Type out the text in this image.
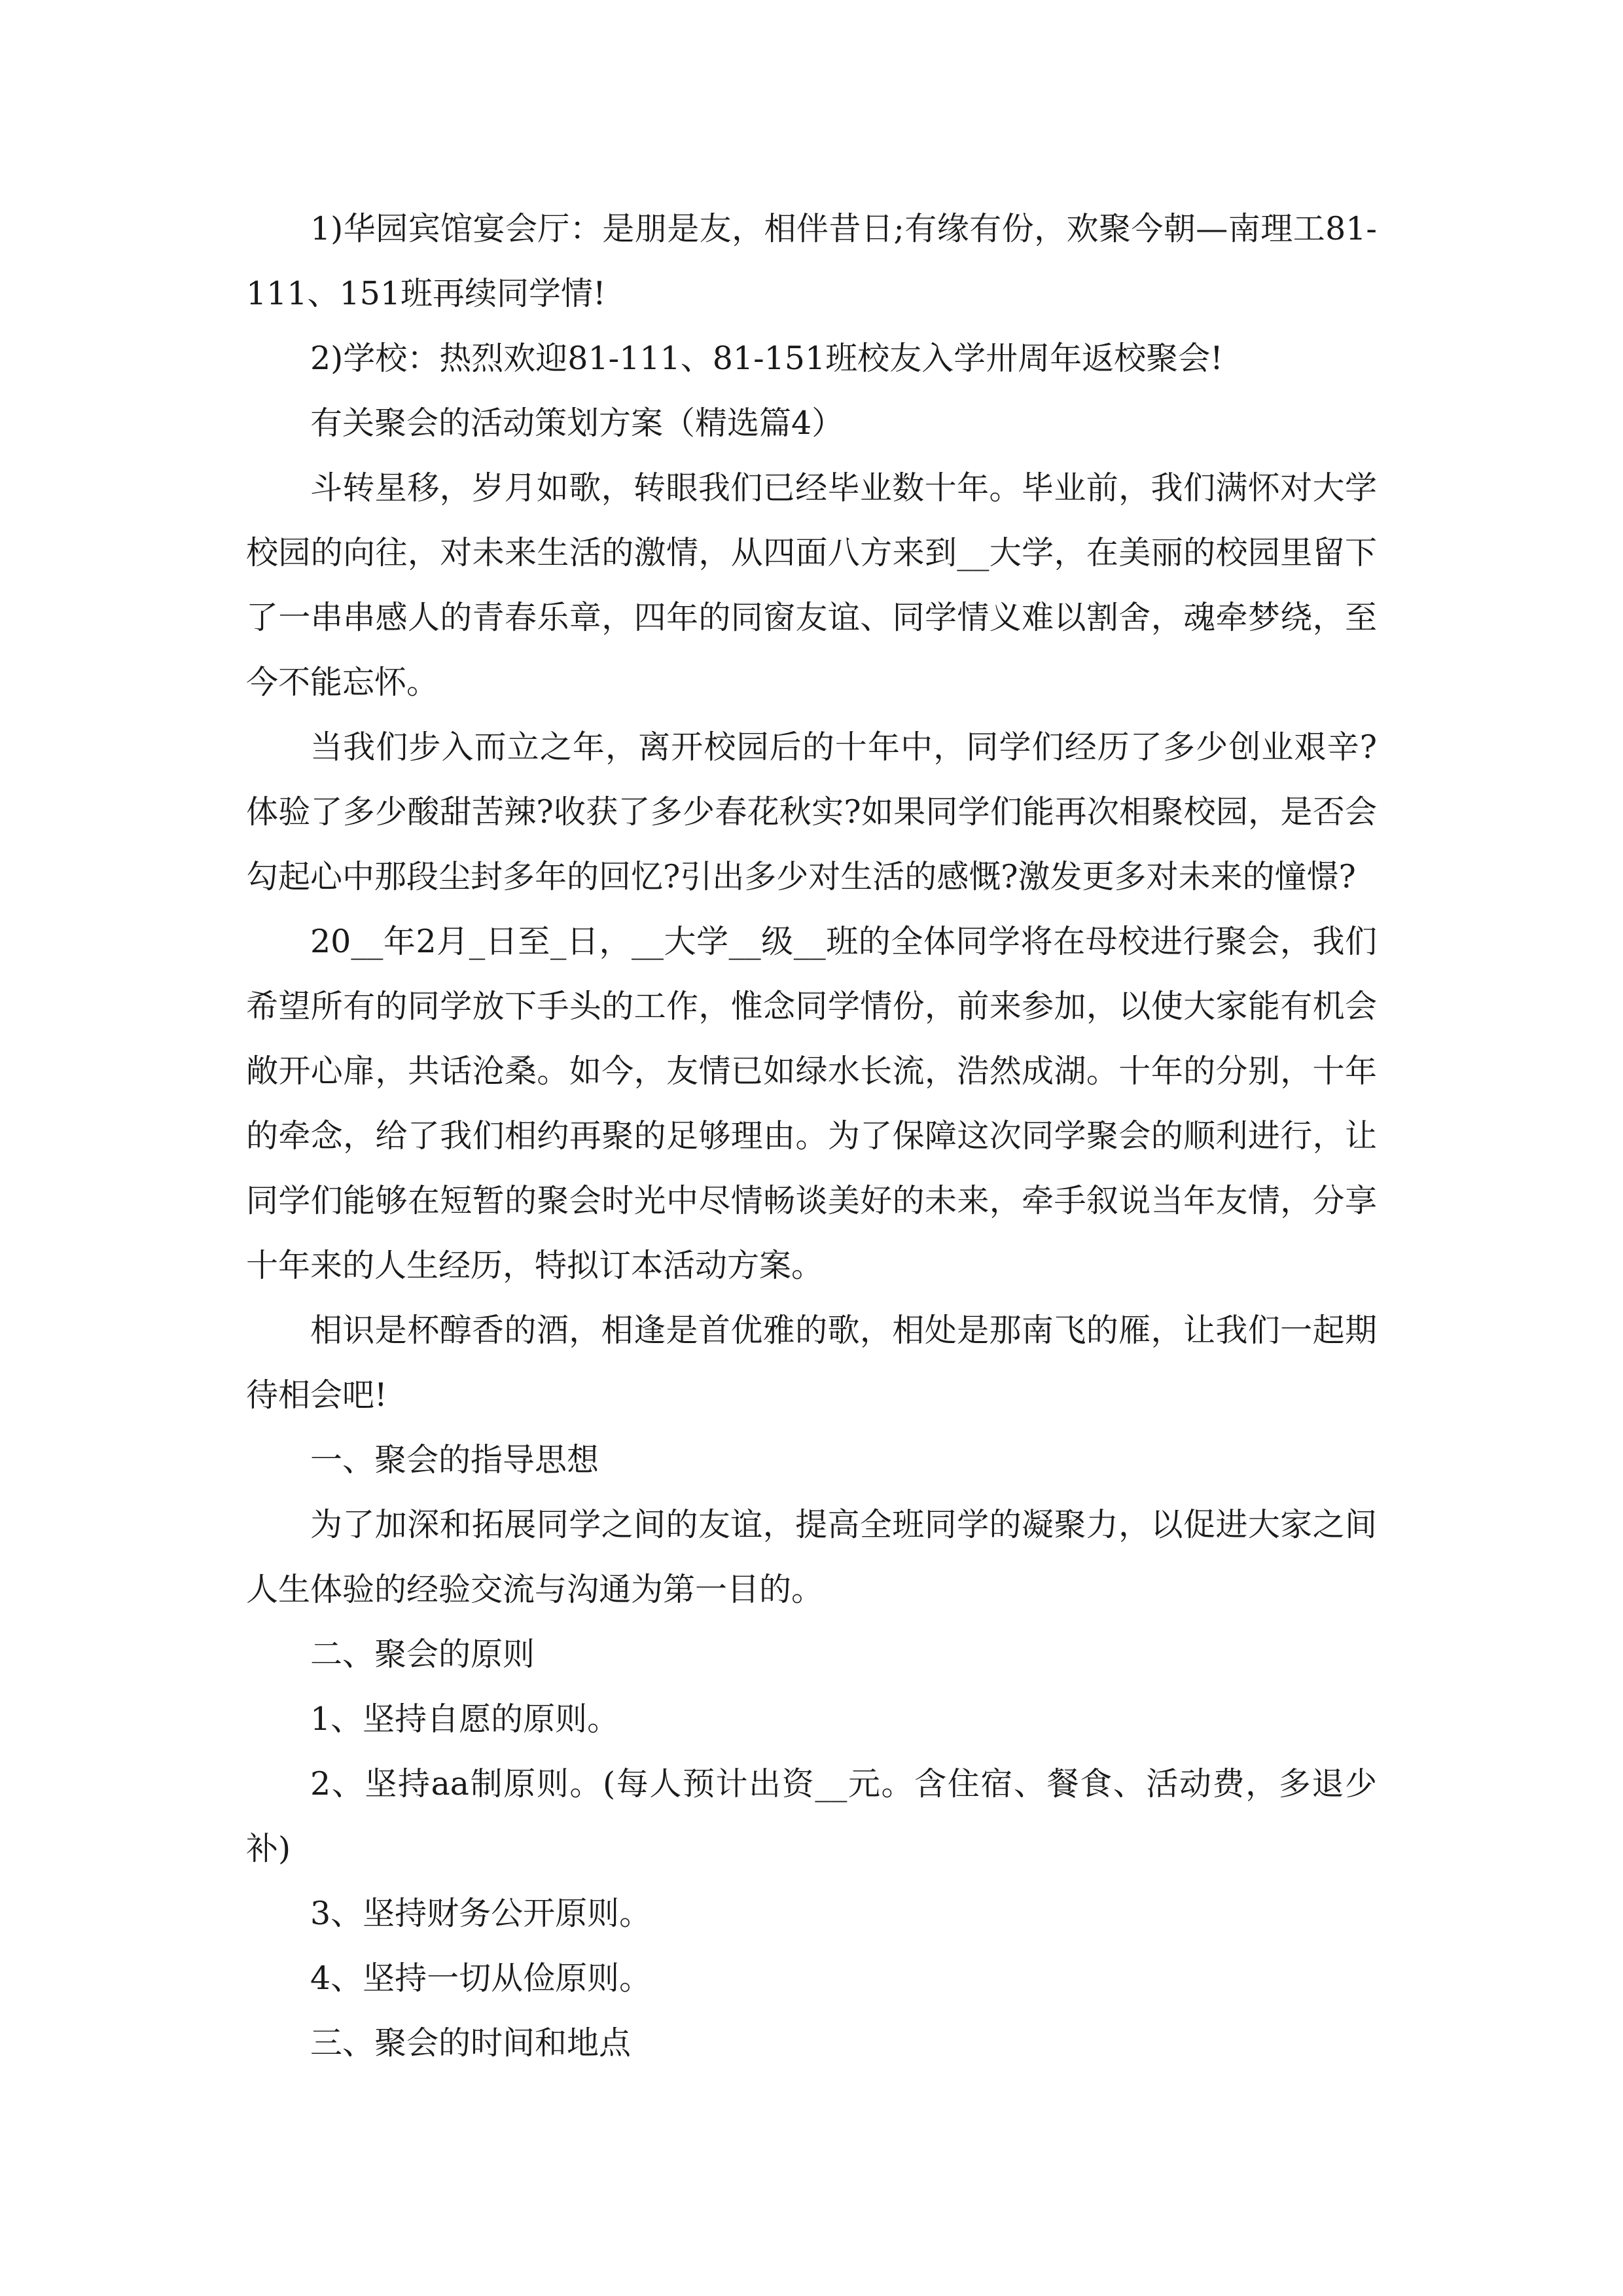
1)华园宾馆宴会厅：是朋是友，相伴昔日;有缘有份，欢聚今朝—南理工81-111、151班再续同学情!

2)学校：热烈欢迎81-111、81-151班校友入学卅周年返校聚会!

有关聚会的活动策划方案（精选篇4）

斗转星移，岁月如歌，转眼我们已经毕业数十年。毕业前，我们满怀对大学校园的向往，对未来生活的激情，从四面八方来到__大学，在美丽的校园里留下了一串串感人的青春乐章，四年的同窗友谊、同学情义难以割舍，魂牵梦绕，至今不能忘怀。

当我们步入而立之年，离开校园后的十年中，同学们经历了多少创业艰辛?体验了多少酸甜苦辣?收获了多少春花秋实?如果同学们能再次相聚校园，是否会勾起心中那段尘封多年的回忆?引出多少对生活的感慨?激发更多对未来的憧憬?

20__年2月_日至_日，__大学__级__班的全体同学将在母校进行聚会，我们希望所有的同学放下手头的工作，惟念同学情份，前来参加，以使大家能有机会敞开心扉，共话沧桑。如今，友情已如绿水长流，浩然成湖。十年的分别，十年的牵念，给了我们相约再聚的足够理由。为了保障这次同学聚会的顺利进行，让同学们能够在短暂的聚会时光中尽情畅谈美好的未来，牵手叙说当年友情，分享十年来的人生经历，特拟订本活动方案。

相识是杯醇香的酒，相逢是首优雅的歌，相处是那南飞的雁，让我们一起期待相会吧!

一、聚会的指导思想

为了加深和拓展同学之间的友谊，提高全班同学的凝聚力，以促进大家之间人生体验的经验交流与沟通为第一目的。

二、聚会的原则

1、坚持自愿的原则。

2、坚持aa制原则。(每人预计出资__元。含住宿、餐食、活动费，多退少补)

3、坚持财务公开原则。

4、坚持一切从俭原则。

三、聚会的时间和地点
